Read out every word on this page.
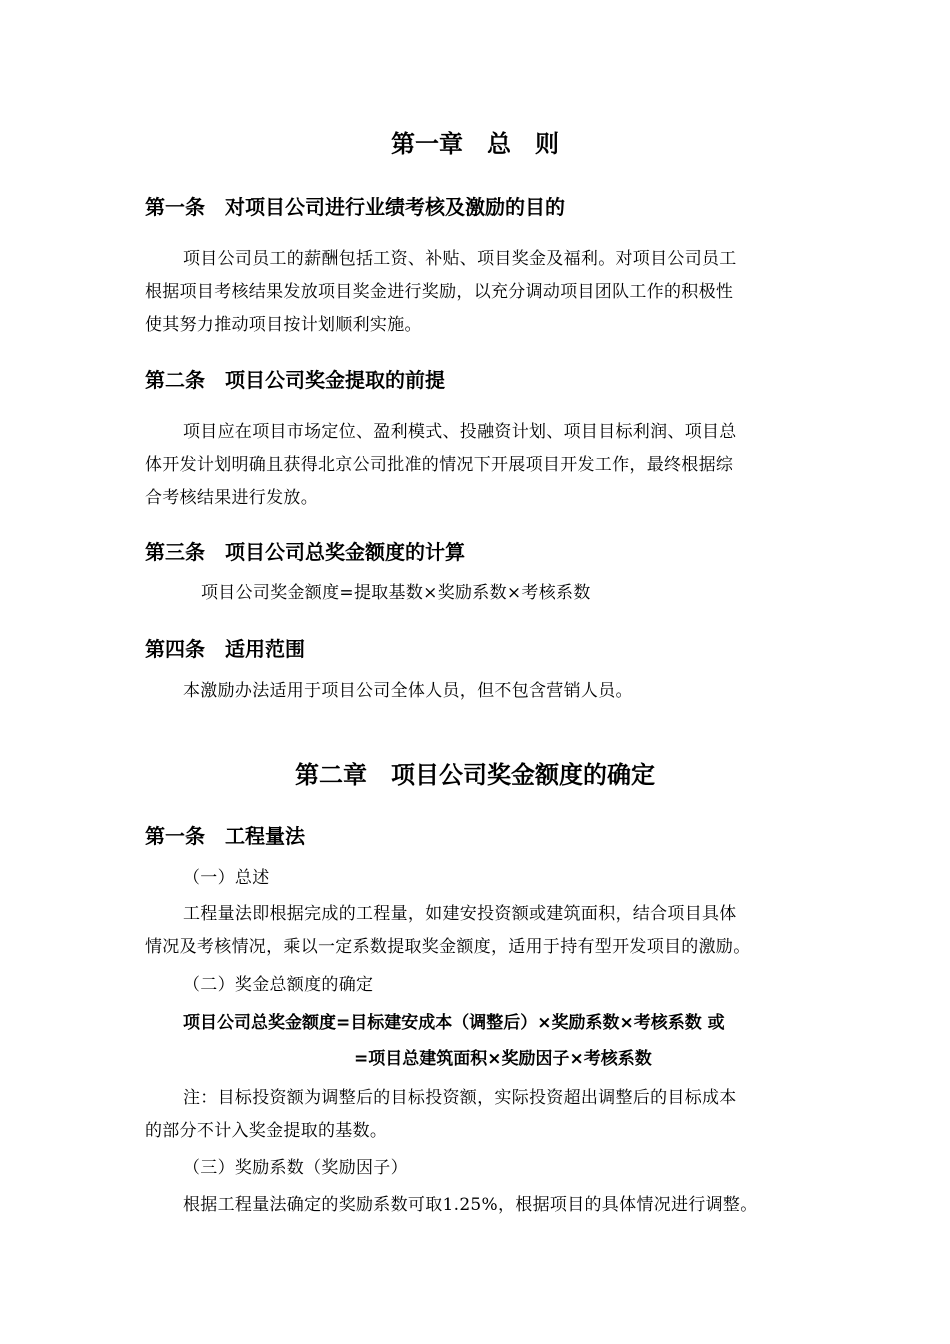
第一章　总　则
第一条　对项目公司进行业绩考核及激励的目的
项目公司员工的薪酬包括工资、补贴、项目奖金及福利。对项目公司员工
根据项目考核结果发放项目奖金进行奖励，以充分调动项目团队工作的积极性
使其努力推动项目按计划顺利实施。
第二条　项目公司奖金提取的前提
项目应在项目市场定位、盈利模式、投融资计划、项目目标利润、项目总
体开发计划明确且获得北京公司批准的情况下开展项目开发工作，最终根据综
合考核结果进行发放。
第三条　项目公司总奖金额度的计算
项目公司奖金额度=提取基数×奖励系数×考核系数
第四条　适用范围
本激励办法适用于项目公司全体人员，但不包含营销人员。
第二章　项目公司奖金额度的确定
第一条　工程量法
（一）总述
工程量法即根据完成的工程量，如建安投资额或建筑面积，结合项目具体
情况及考核情况，乘以一定系数提取奖金额度，适用于持有型开发项目的激励。
（二）奖金总额度的确定
项目公司总奖金额度=目标建安成本（调整后）×奖励系数×考核系数 或
=项目总建筑面积×奖励因子×考核系数
注：目标投资额为调整后的目标投资额，实际投资超出调整后的目标成本
的部分不计入奖金提取的基数。
（三）奖励系数（奖励因子）
根据工程量法确定的奖励系数可取1.25%，根据项目的具体情况进行调整。
